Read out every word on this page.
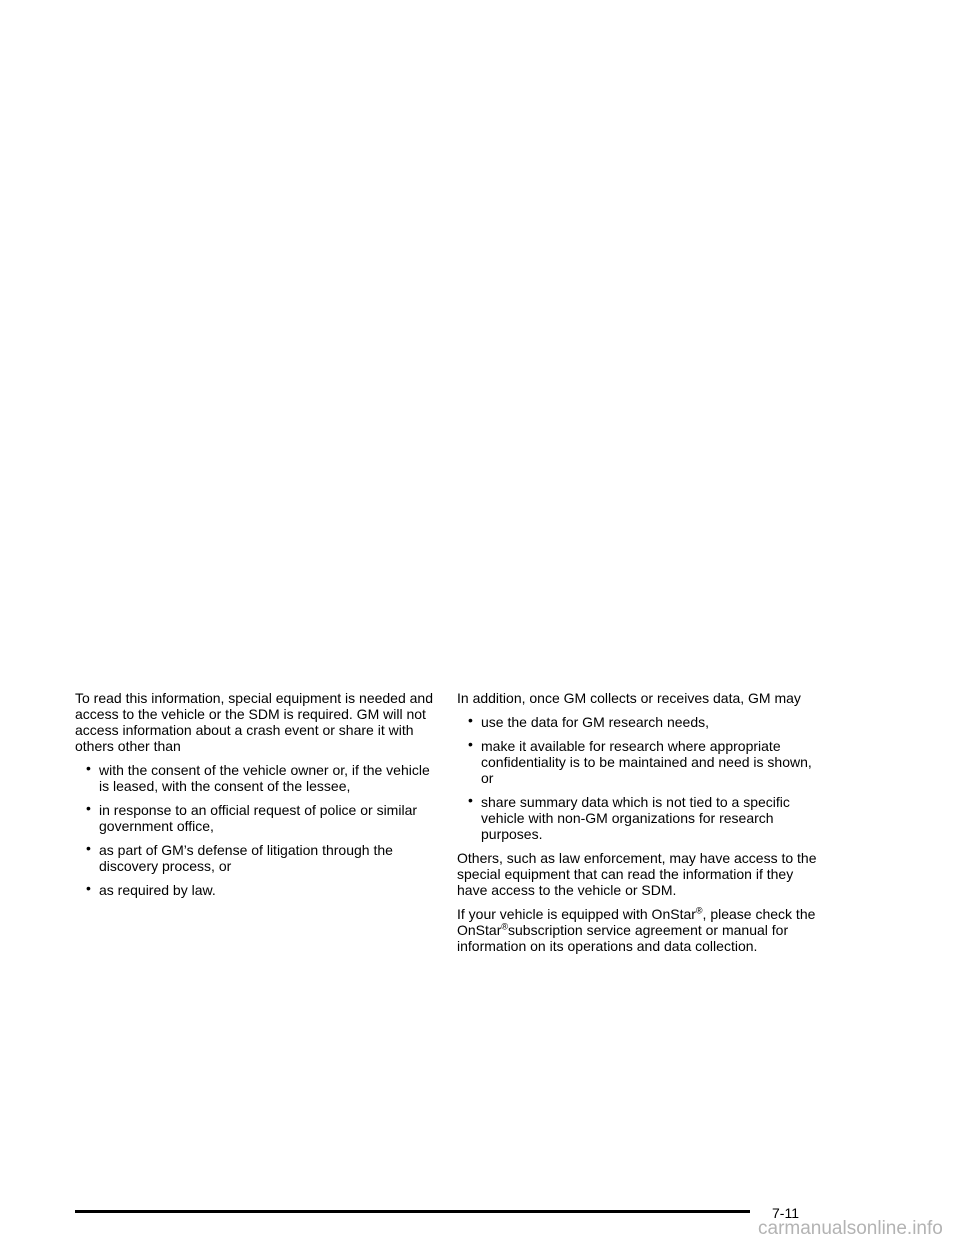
To read this information, special equipment is needed and access to the vehicle or the SDM is required. GM will not access information about a crash event or share it with others other than

• with the consent of the vehicle owner or, if the vehicle is leased, with the consent of the lessee,
• in response to an official request of police or similar government office,
• as part of GM’s defense of litigation through the discovery process, or
• as required by law.

In addition, once GM collects or receives data, GM may

• use the data for GM research needs,
• make it available for research where appropriate confidentiality is to be maintained and need is shown, or
• share summary data which is not tied to a specific vehicle with non-GM organizations for research purposes.

Others, such as law enforcement, may have access to the special equipment that can read the information if they have access to the vehicle or SDM.

If your vehicle is equipped with OnStar®, please check the OnStar®subscription service agreement or manual for information on its operations and data collection.

7-11
carmanualsonline.info
